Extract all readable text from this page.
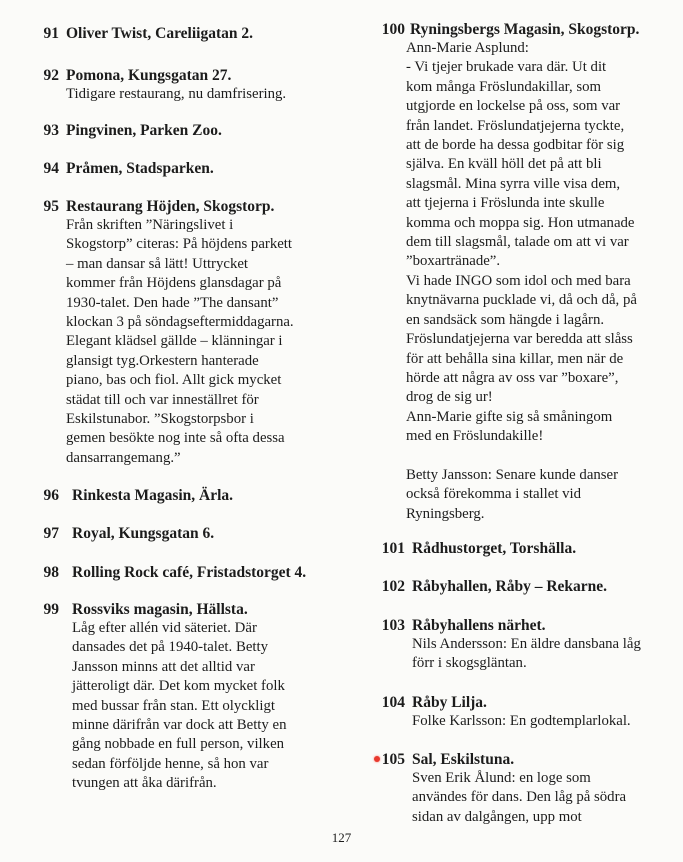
91 Oliver Twist, Careliigatan 2.
92 Pomona, Kungsgatan 27.
Tidigare restaurang, nu damfrisering.
93 Pingvinen, Parken Zoo.
94 Pråmen, Stadsparken.
95 Restaurang Höjden, Skogstorp.
Från skriften ”Näringslivet i
Skogstorp” citeras: På höjdens parkett
– man dansar så lätt! Uttrycket
kommer från Höjdens glansdagar på
1930-talet. Den hade ”The dansant”
klockan 3 på söndagseftermiddagarna.
Elegant klädsel gällde – klänningar i
glansigt tyg.Orkestern hanterade
piano, bas och fiol. Allt gick mycket
städat till och var inneställret för
Eskilstunabor. ”Skogstorpsbor i
gemen besökte nog inte så ofta dessa
dansarrangemang.”
96 Rinkesta Magasin, Ärla.
97 Royal, Kungsgatan 6.
98 Rolling Rock café, Fristadstorget 4.
99 Rossviks magasin, Hällsta.
Låg efter allén vid säteriet. Där
dansades det på 1940-talet. Betty
Jansson minns att det alltid var
jätteroligt där. Det kom mycket folk
med bussar från stan. Ett olyckligt
minne därifrån var dock att Betty en
gång nobbade en full person, vilken
sedan förföljde henne, så hon var
tvungen att åka därifrån.
100 Ryningsbergs Magasin, Skogstorp.
Ann-Marie Asplund:
- Vi tjejer brukade vara där. Ut dit
kom många Fröslundakillar, som
utgjorde en lockelse på oss, som var
från landet. Fröslundatjejerna tyckte,
att de borde ha dessa godbitar för sig
själva. En kväll höll det på att bli
slagsmål. Mina syrra ville visa dem,
att tjejerna i Fröslunda inte skulle
komma och moppa sig. Hon utmanade
dem till slagsmål, talade om att vi var
”boxartränade”.
Vi hade INGO som idol och med bara
knytnävarna pucklade vi, då och då, på
en sandsäck som hängde i lagårn.
Fröslundatjejerna var beredda att slåss
för att behålla sina killar, men när de
hörde att några av oss var ”boxare”,
drog de sig ur!
Ann-Marie gifte sig så småningom
med en Fröslundakille!
Betty Jansson: Senare kunde danser
också förekomma i stallet vid
Ryningsberg.
101 Rådhustorget, Torshälla.
102 Råbyhallen, Råby – Rekarne.
103 Råbyhallens närhet.
Nils Andersson: En äldre dansbana låg
förr i skogsgläntan.
104 Råby Lilja.
Folke Karlsson: En godtemplarlokal.
105 Sal, Eskilstuna.
Sven Erik Ålund: en loge som
användes för dans. Den låg på södra
sidan av dalgången, upp mot
127
